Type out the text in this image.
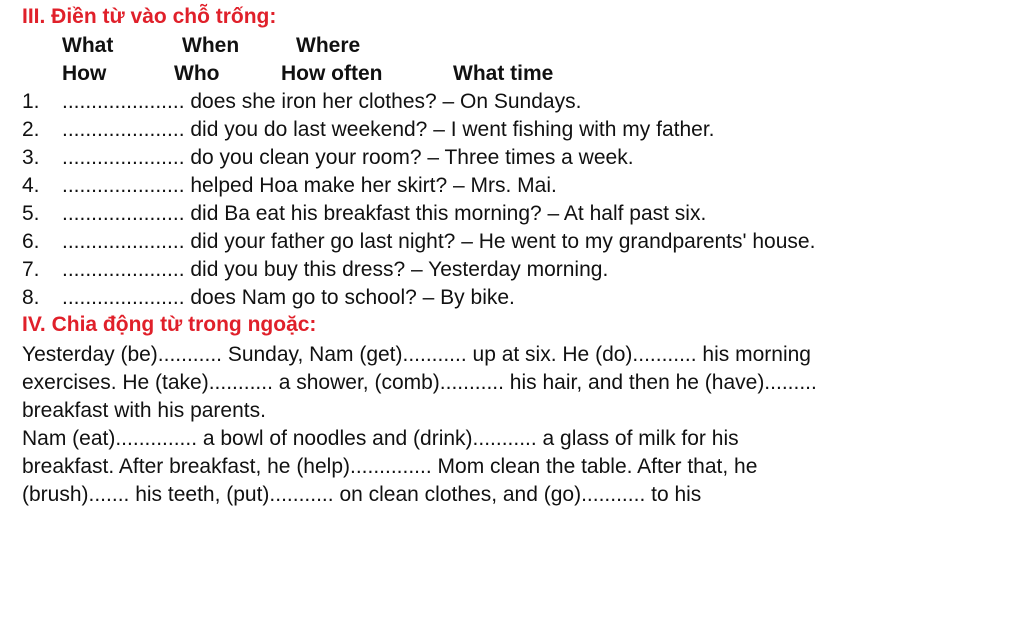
III. Điền từ vào chỗ trống:
What	When	Where
How	Who	How often	What time
1. ..................... does she iron her clothes? – On Sundays.
2. ..................... did you do last weekend? – I went fishing with my father.
3. ..................... do you clean your room? – Three times a week.
4. ..................... helped Hoa make her skirt? – Mrs. Mai.
5. ..................... did Ba eat his breakfast this morning? – At half past six.
6. ..................... did your father go last night? – He went to my grandparents' house.
7. ..................... did you buy this dress? – Yesterday morning.
8. ..................... does Nam go to school? – By bike.
IV. Chia động từ trong ngoặc:
Yesterday (be)........... Sunday, Nam (get)........... up at six. He (do)........... his morning
exercises. He (take)........... a shower, (comb)........... his hair, and then he (have).........
breakfast with his parents.
Nam (eat).............. a bowl of noodles and (drink)........... a glass of milk for his
breakfast. After breakfast, he (help).............. Mom clean the table. After that, he
(brush)....... his teeth, (put)........... on clean clothes, and (go)........... to his
